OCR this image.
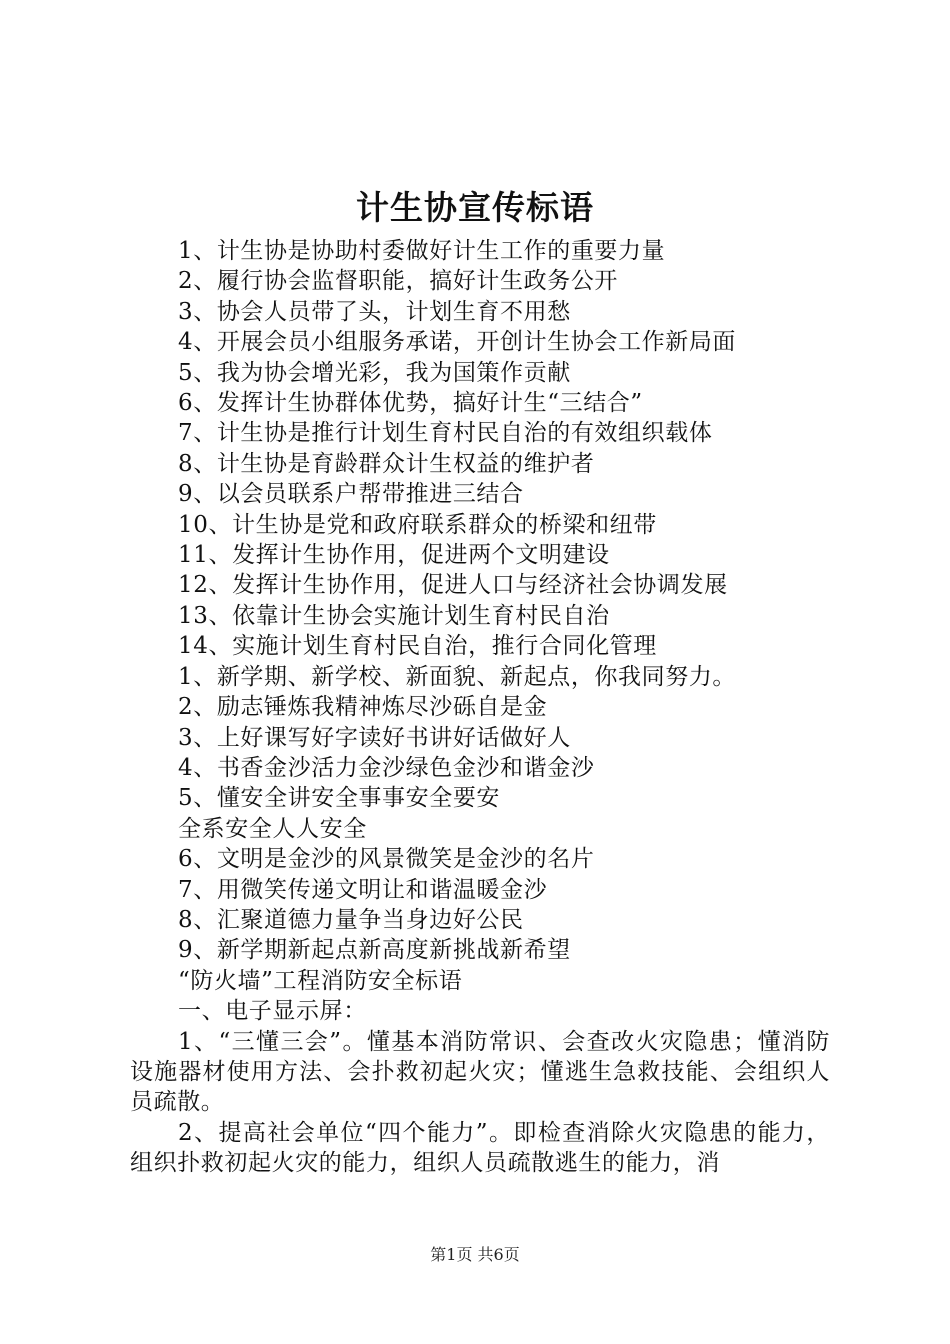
计生协宣传标语

1、计生协是协助村委做好计生工作的重要力量

2、履行协会监督职能，搞好计生政务公开

3、协会人员带了头，计划生育不用愁

4、开展会员小组服务承诺，开创计生协会工作新局面

5、我为协会增光彩，我为国策作贡献

6、发挥计生协群体优势，搞好计生“三结合”

7、计生协是推行计划生育村民自治的有效组织载体

8、计生协是育龄群众计生权益的维护者

9、以会员联系户帮带推进三结合

10、计生协是党和政府联系群众的桥梁和纽带

11、发挥计生协作用，促进两个文明建设

12、发挥计生协作用，促进人口与经济社会协调发展

13、依靠计生协会实施计划生育村民自治

14、实施计划生育村民自治，推行合同化管理

1、新学期、新学校、新面貌、新起点，你我同努力。

2、励志锤炼我精神炼尽沙砾自是金

3、上好课写好字读好书讲好话做好人

4、书香金沙活力金沙绿色金沙和谐金沙

5、懂安全讲安全事事安全要安

全系安全人人安全

6、文明是金沙的风景微笑是金沙的名片

7、用微笑传递文明让和谐温暖金沙

8、汇聚道德力量争当身边好公民

9、新学期新起点新高度新挑战新希望

“防火墙”工程消防安全标语

一、电子显示屏：

1、“三懂三会”。懂基本消防常识、会查改火灾隐患；懂消防设施器材使用方法、会扑救初起火灾；懂逃生急救技能、会组织人员疏散。

2、提高社会单位“四个能力”。即检查消除火灾隐患的能力，组织扑救初起火灾的能力，组织人员疏散逃生的能力，消

第1页 共6页
